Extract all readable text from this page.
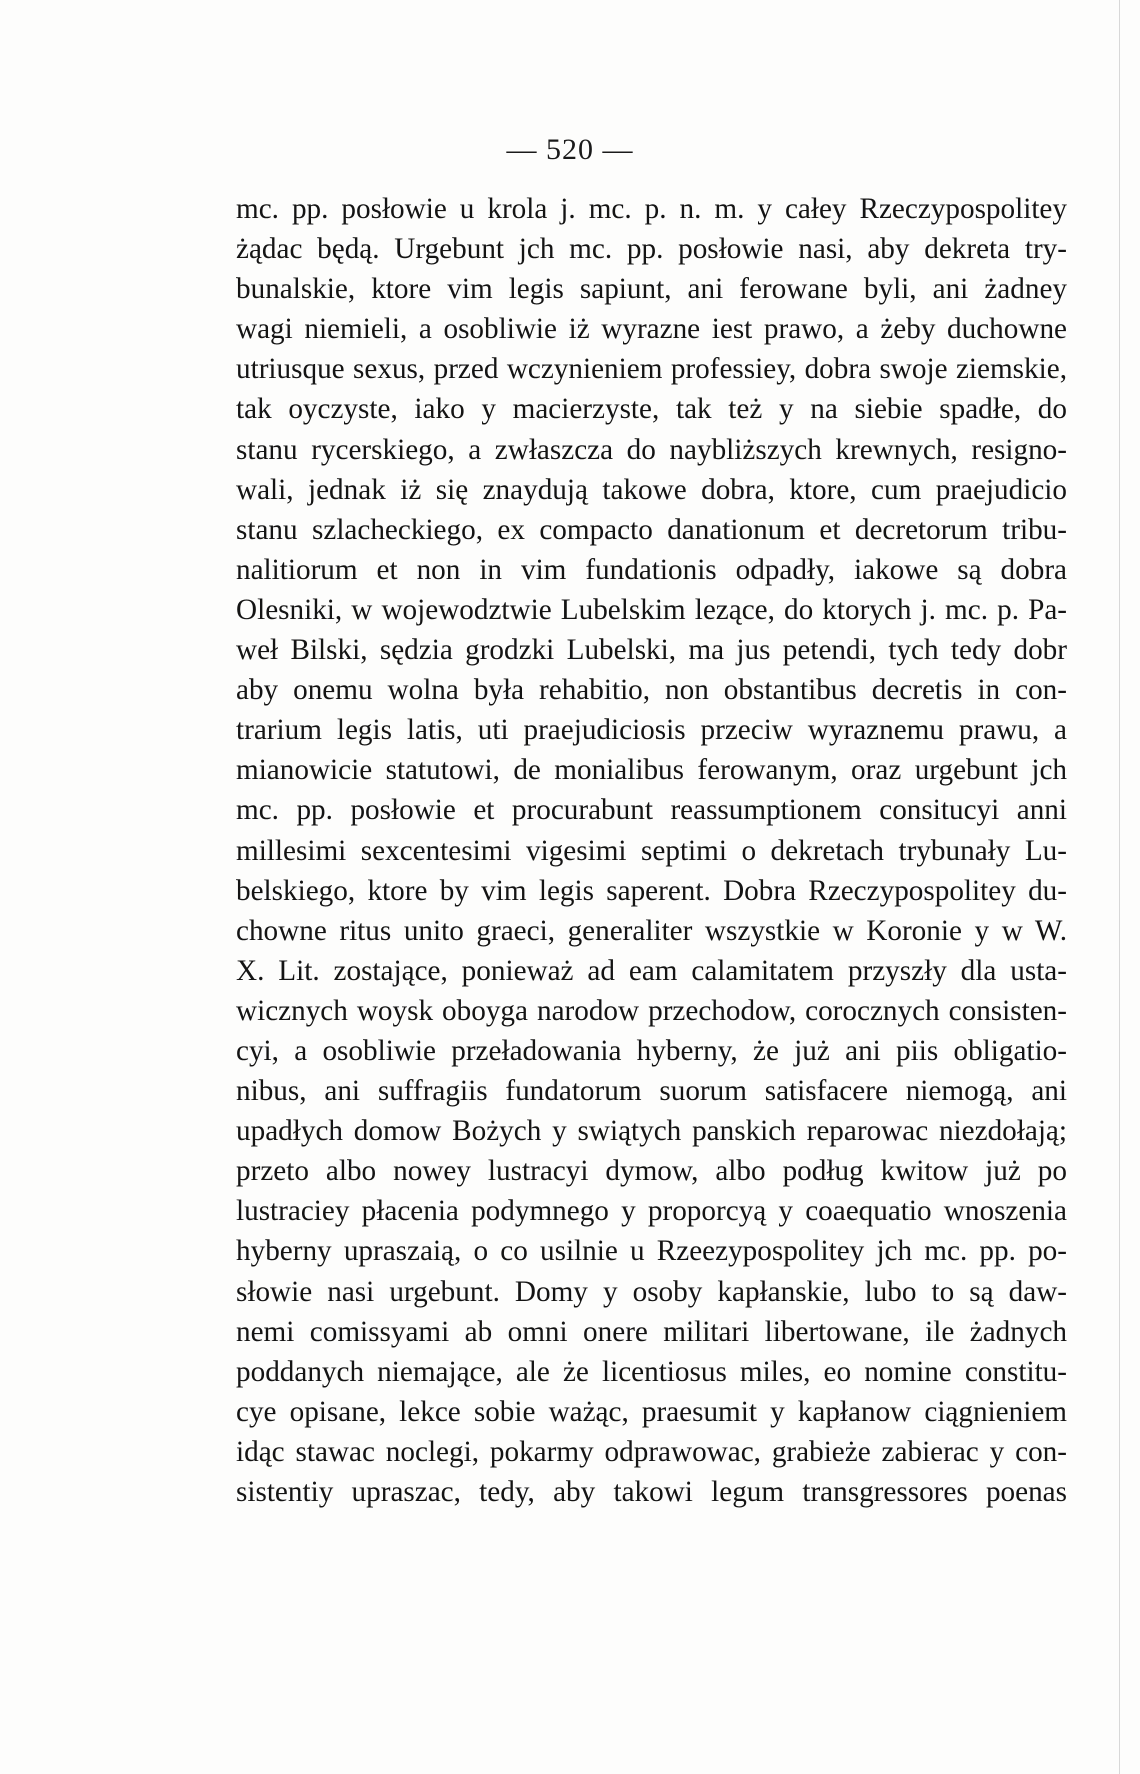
— 520 —
mc. pp. posłowie u krola j. mc. p. n. m. y całey Rzeczypospolitey
żądac będą. Urgebunt jch mc. pp. posłowie nasi, aby dekreta try-
bunalskie, ktore vim legis sapiunt, ani ferowane byli, ani żadney
wagi niemieli, a osobliwie iż wyrazne iest prawo, a żeby duchowne
utriusque sexus, przed wczynieniem professiey, dobra swoje ziemskie,
tak oyczyste, iako y macierzyste, tak też y na siebie spadłe, do
stanu rycerskiego, a zwłaszcza do naybliższych krewnych, resigno-
wali, jednak iż się znaydują takowe dobra, ktore, cum praejudicio
stanu szlacheckiego, ex compacto danationum et decretorum tribu-
nalitiorum et non in vim fundationis odpadły, iakowe są dobra
Olesniki, w wojewodztwie Lubelskim lezące, do ktorych j. mc. p. Pa-
weł Bilski, sędzia grodzki Lubelski, ma jus petendi, tych tedy dobr
aby onemu wolna była rehabitio, non obstantibus decretis in con-
trarium legis latis, uti praejudiciosis przeciw wyraznemu prawu, a
mianowicie statutowi, de monialibus ferowanym, oraz urgebunt jch
mc. pp. posłowie et procurabunt reassumptionem consitucyi anni
millesimi sexcentesimi vigesimi septimi o dekretach trybunały Lu-
belskiego, ktore by vim legis saperent. Dobra Rzeczypospolitey du-
chowne ritus unito graeci, generaliter wszystkie w Koronie y w W.
X. Lit. zostające, ponieważ ad eam calamitatem przyszły dla usta-
wicznych woysk oboyga narodow przechodow, corocznych consisten-
cyi, a osobliwie przeładowania hyberny, że już ani piis obligatio-
nibus, ani suffragiis fundatorum suorum satisfacere niemogą, ani
upadłych domow Bożych y swiątych panskich reparowac niezdołają;
przeto albo nowey lustracyi dymow, albo podług kwitow już po
lustraciey płacenia podymnego y proporcyą y coaequatio wnoszenia
hyberny upraszaią, o co usilnie u Rzeezypospolitey jch mc. pp. po-
słowie nasi urgebunt. Domy y osoby kapłanskie, lubo to są daw-
nemi comissyami ab omni onere militari libertowane, ile żadnych
poddanych niemające, ale że licentiosus miles, eo nomine constitu-
cye opisane, lekce sobie ważąc, praesumit y kapłanow ciągnieniem
idąc stawac noclegi, pokarmy odprawowac, grabieże zabierac y con-
sistentiy upraszac, tedy, aby takowi legum transgressores poenas
